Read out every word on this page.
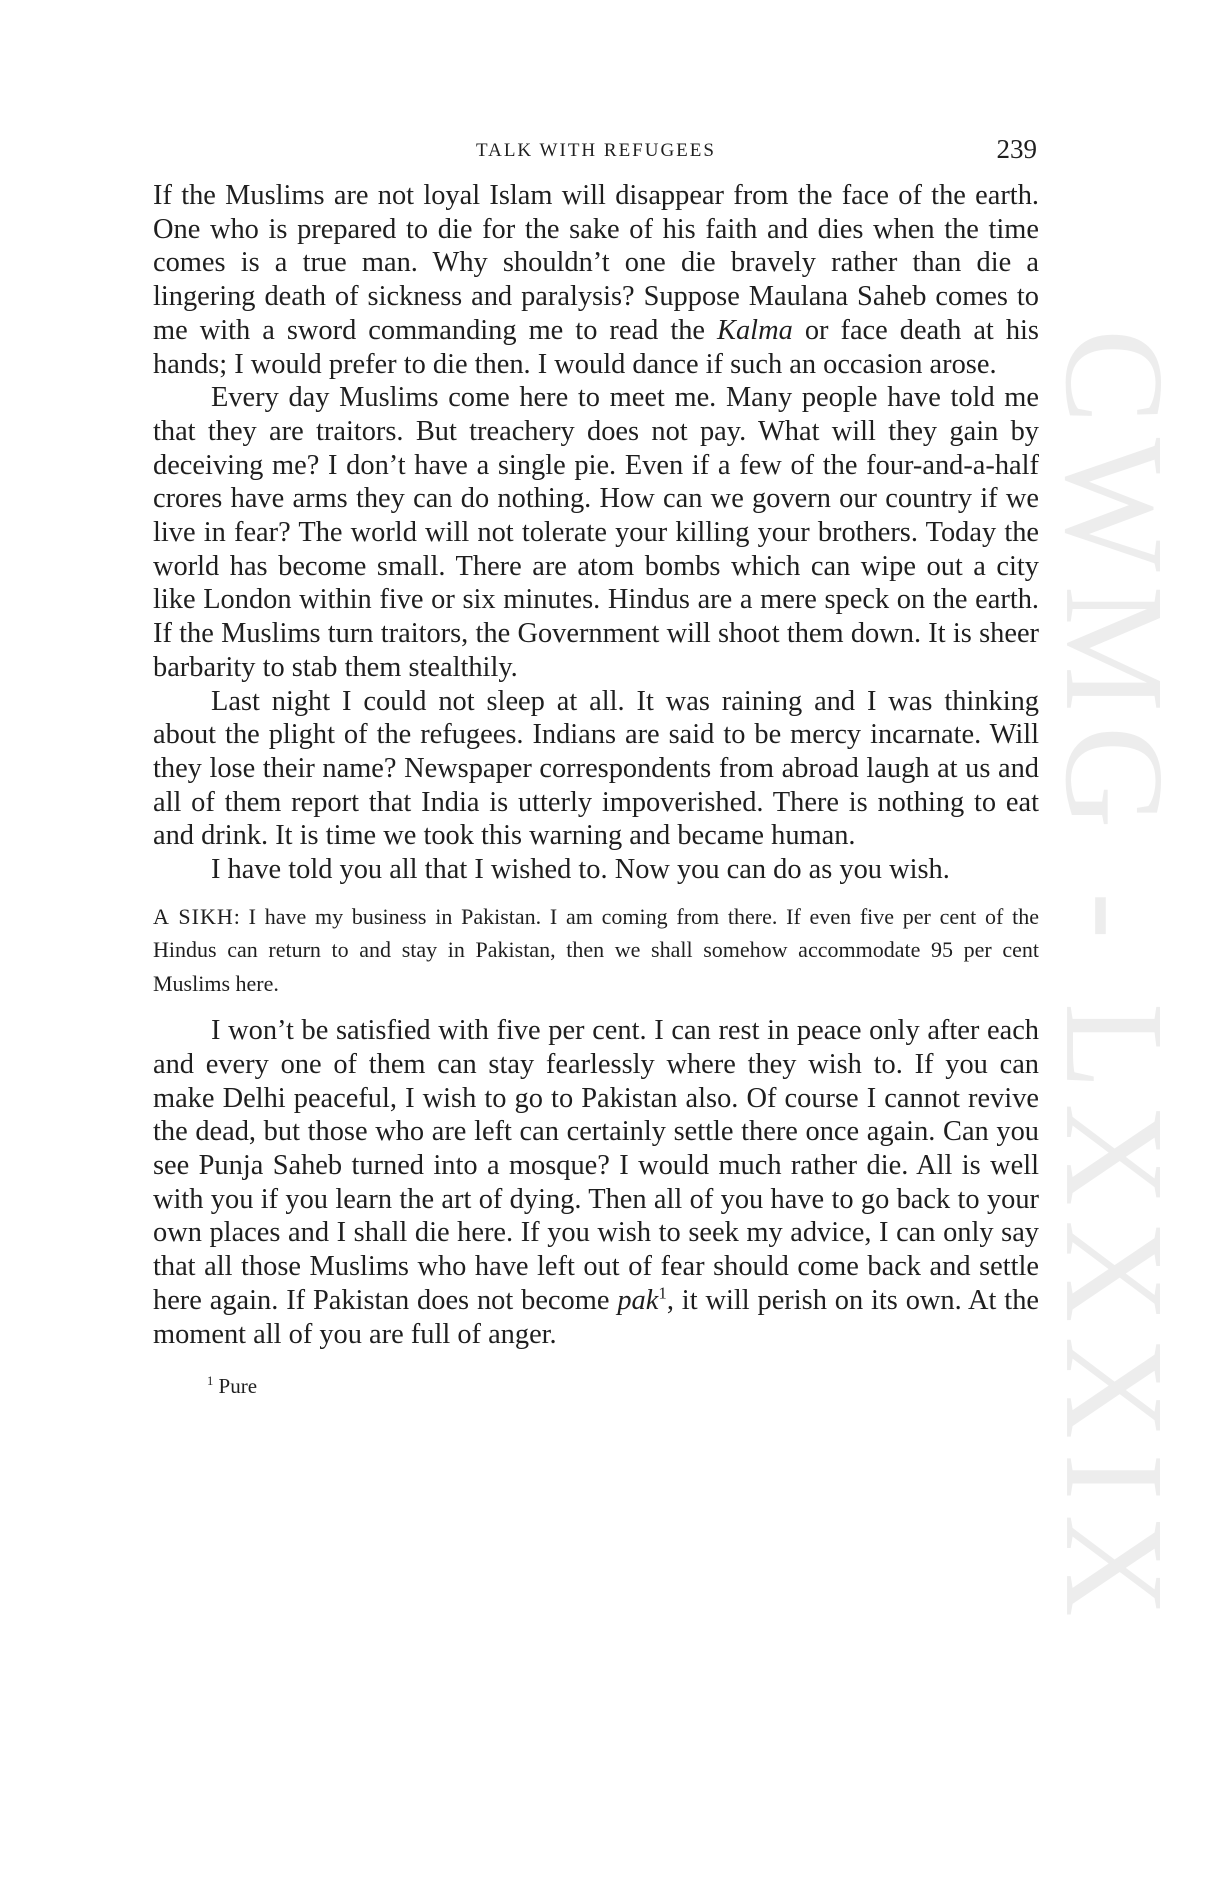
CWMG - LXXXIX
TALK WITH REFUGEES	239

If the Muslims are not loyal Islam will disappear from the face of the earth. One who is prepared to die for the sake of his faith and dies when the time comes is a true man. Why shouldn’t one die bravely rather than die a lingering death of sickness and paralysis? Suppose Maulana Saheb comes to me with a sword commanding me to read the Kalma or face death at his hands; I would prefer to die then. I would dance if such an occasion arose.

Every day Muslims come here to meet me. Many people have told me that they are traitors. But treachery does not pay. What will they gain by deceiving me? I don’t have a single pie. Even if a few of the four-and-a-half crores have arms they can do nothing. How can we govern our country if we live in fear? The world will not tolerate your killing your brothers. Today the world has become small. There are atom bombs which can wipe out a city like London within five or six minutes. Hindus are a mere speck on the earth. If the Muslims turn traitors, the Government will shoot them down. It is sheer barbarity to stab them stealthily.

Last night I could not sleep at all. It was raining and I was thinking about the plight of the refugees. Indians are said to be mercy incarnate. Will they lose their name? Newspaper correspondents from abroad laugh at us and all of them report that India is utterly impoverished. There is nothing to eat and drink. It is time we took this warning and became human.

I have told you all that I wished to. Now you can do as you wish.

A SIKH: I have my business in Pakistan. I am coming from there. If even five per cent of the Hindus can return to and stay in Pakistan, then we shall somehow accommodate 95 per cent Muslims here.

I won’t be satisfied with five per cent. I can rest in peace only after each and every one of them can stay fearlessly where they wish to. If you can make Delhi peaceful, I wish to go to Pakistan also. Of course I cannot revive the dead, but those who are left can certainly settle there once again. Can you see Punja Saheb turned into a mosque? I would much rather die. All is well with you if you learn the art of dying. Then all of you have to go back to your own places and I shall die here. If you wish to seek my advice, I can only say that all those Muslims who have left out of fear should come back and settle here again. If Pakistan does not become pak$^1$, it will perish on its own. At the moment all of you are full of anger.

$^1$ Pure
